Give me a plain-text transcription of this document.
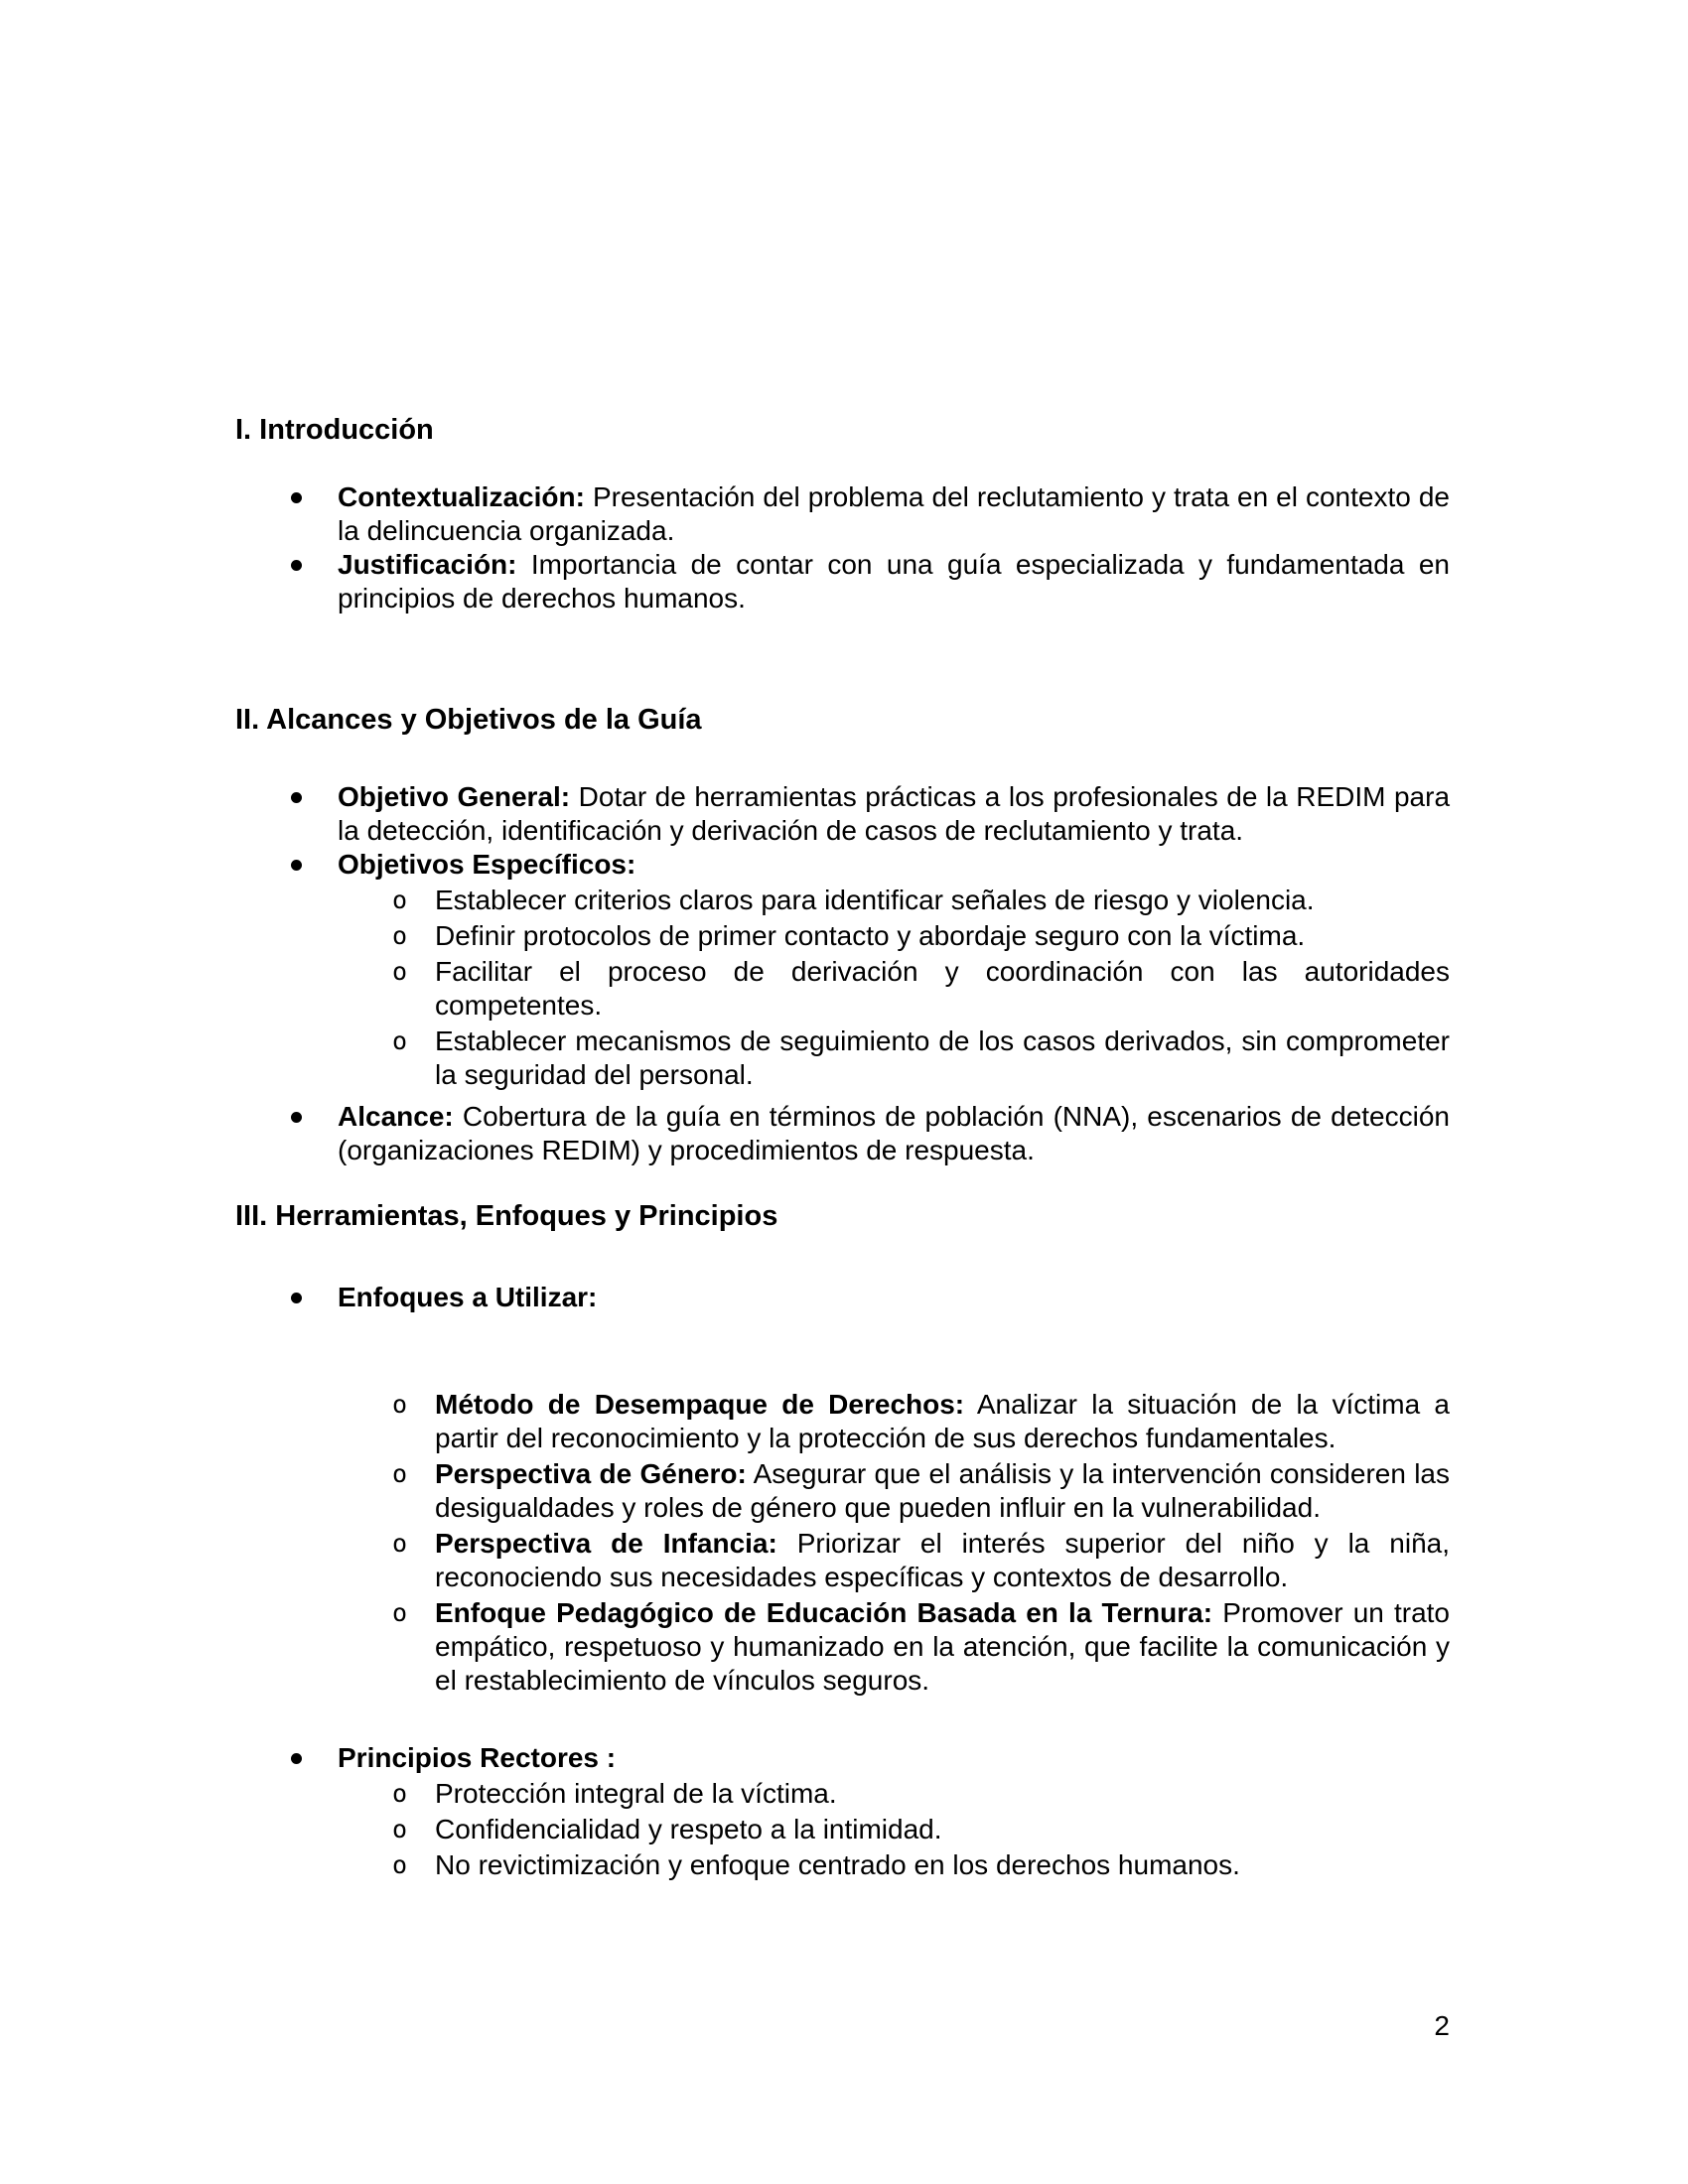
I. Introducción

Contextualización: Presentación del problema del reclutamiento y trata en el contexto de la delincuencia organizada.

Justificación: Importancia de contar con una guía especializada y fundamentada en principios de derechos humanos.

II. Alcances y Objetivos de la Guía

Objetivo General: Dotar de herramientas prácticas a los profesionales de la REDIM para la detección, identificación y derivación de casos de reclutamiento y trata.

Objetivos Específicos:

o Establecer criterios claros para identificar señales de riesgo y violencia.

o Definir protocolos de primer contacto y abordaje seguro con la víctima.

o Facilitar el proceso de derivación y coordinación con las autoridades competentes.

o Establecer mecanismos de seguimiento de los casos derivados, sin comprometer la seguridad del personal.

Alcance: Cobertura de la guía en términos de población (NNA), escenarios de detección (organizaciones REDIM) y procedimientos de respuesta.

III. Herramientas, Enfoques y Principios

Enfoques a Utilizar:

o Método de Desempaque de Derechos: Analizar la situación de la víctima a partir del reconocimiento y la protección de sus derechos fundamentales.

o Perspectiva de Género: Asegurar que el análisis y la intervención consideren las desigualdades y roles de género que pueden influir en la vulnerabilidad.

o Perspectiva de Infancia: Priorizar el interés superior del niño y la niña, reconociendo sus necesidades específicas y contextos de desarrollo.

o Enfoque Pedagógico de Educación Basada en la Ternura: Promover un trato empático, respetuoso y humanizado en la atención, que facilite la comunicación y el restablecimiento de vínculos seguros.

Principios Rectores :

o Protección integral de la víctima.

o Confidencialidad y respeto a la intimidad.

o No revictimización y enfoque centrado en los derechos humanos.

2
